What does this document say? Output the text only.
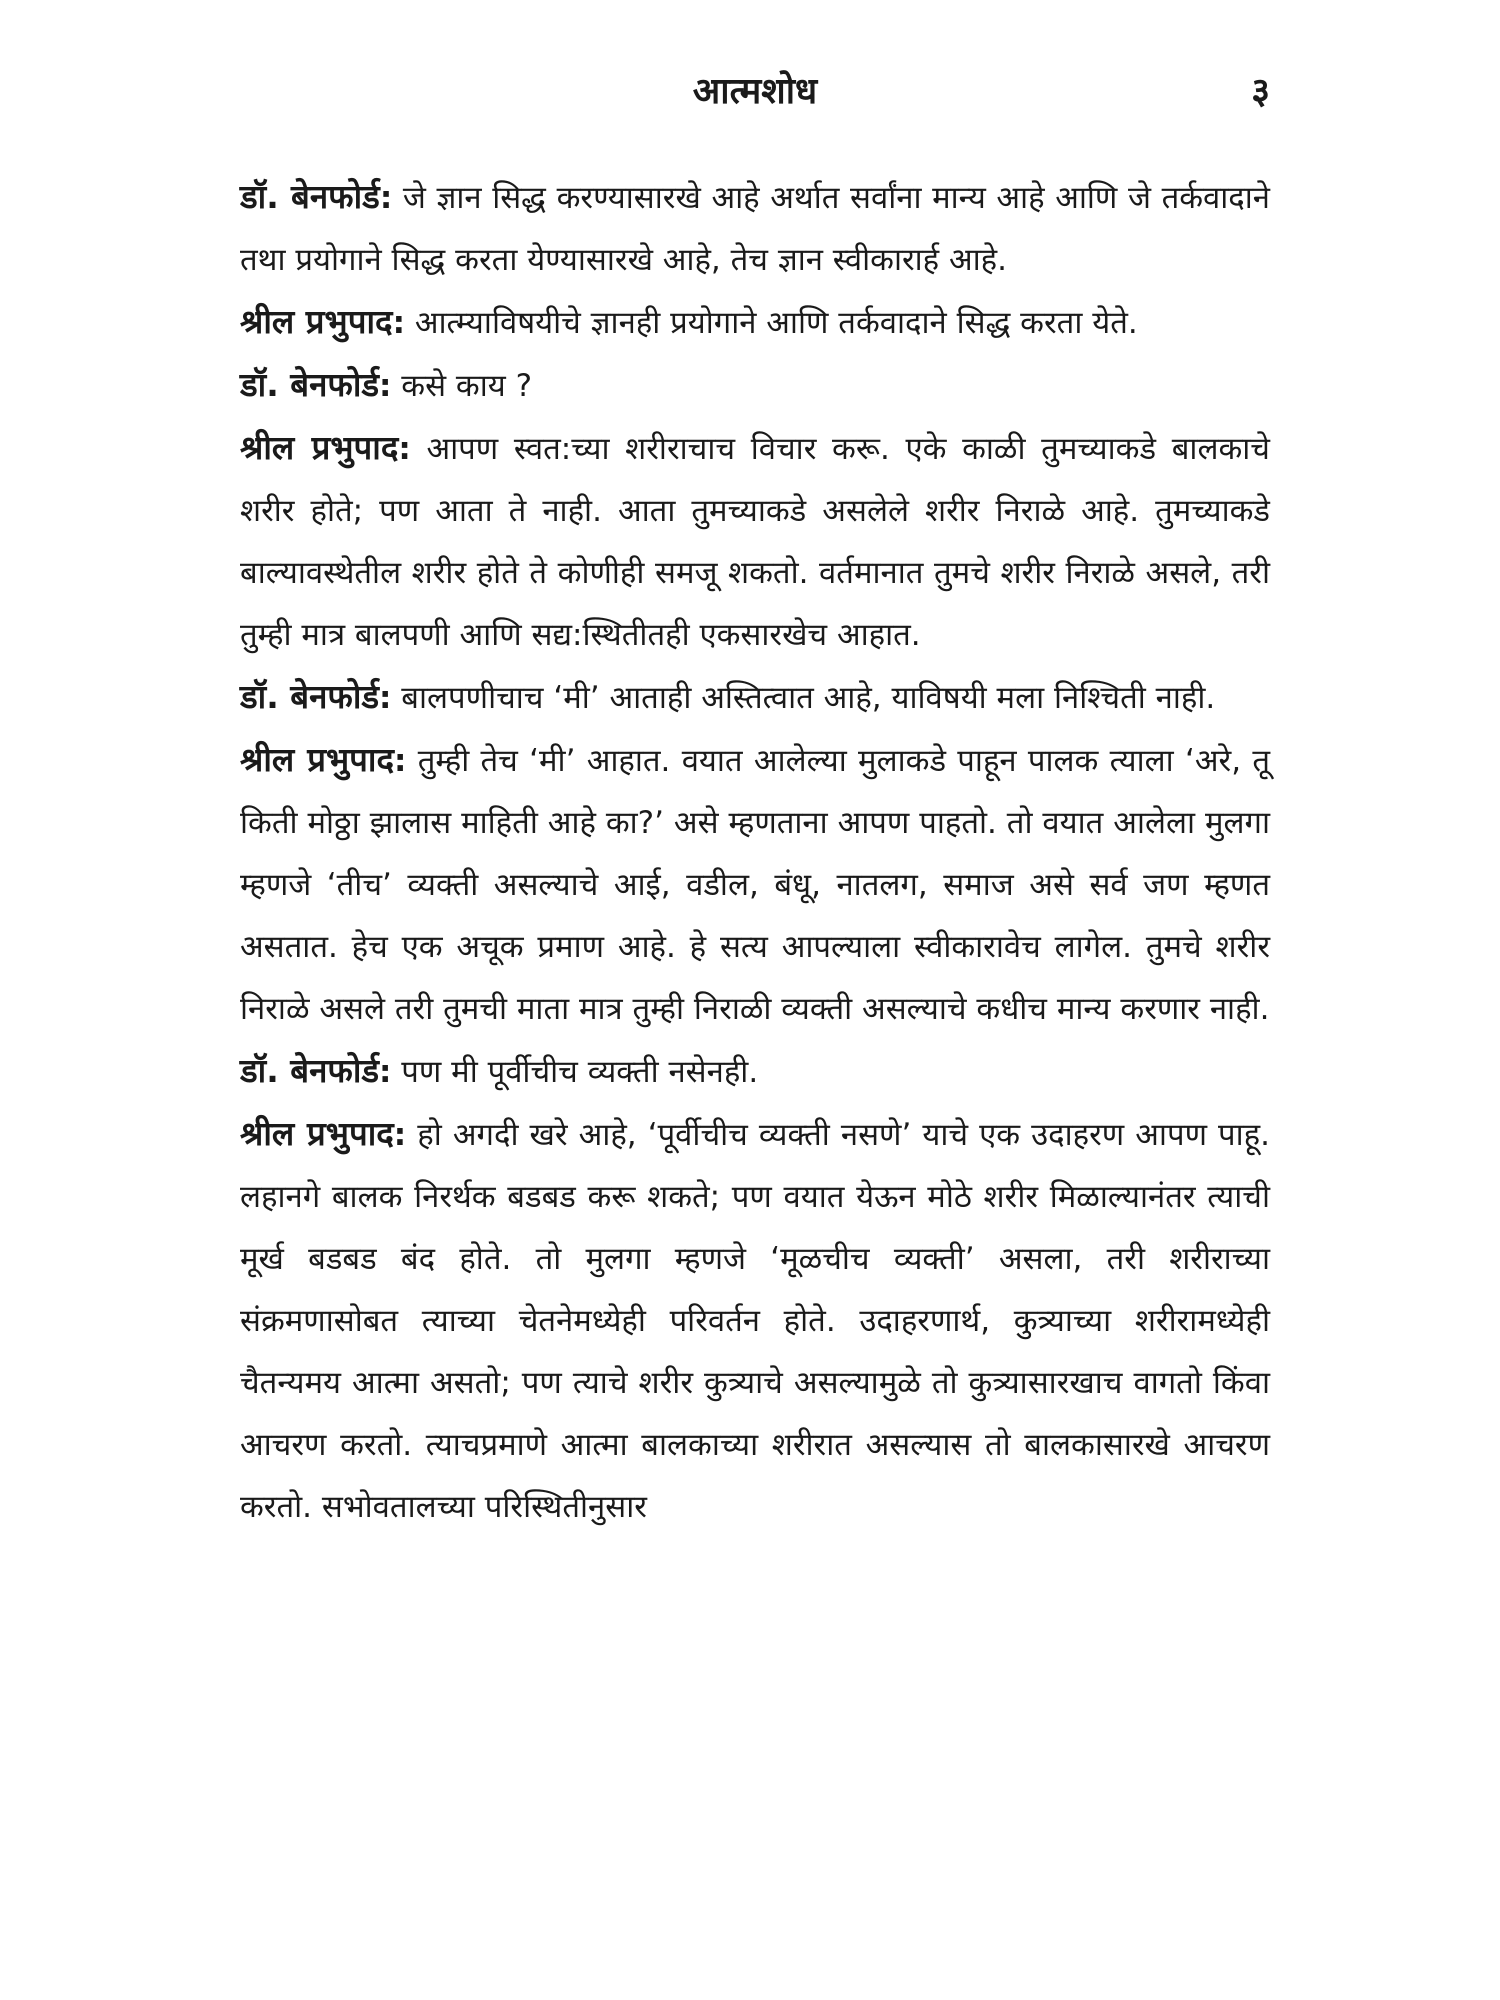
आत्मशोध	३

डॉ. बेनफोर्ड: जे ज्ञान सिद्ध करण्यासारखे आहे अर्थात सर्वांना मान्य आहे आणि जे तर्कवादाने तथा प्रयोगाने सिद्ध करता येण्यासारखे आहे, तेच ज्ञान स्वीकारार्ह आहे.

श्रील प्रभुपाद: आत्म्याविषयीचे ज्ञानही प्रयोगाने आणि तर्कवादाने सिद्ध करता येते.

डॉ. बेनफोर्ड: कसे काय ?

श्रील प्रभुपाद: आपण स्वत:च्या शरीराचाच विचार करू. एके काळी तुमच्याकडे बालकाचे शरीर होते; पण आता ते नाही. आता तुमच्याकडे असलेले शरीर निराळे आहे. तुमच्याकडे बाल्यावस्थेतील शरीर होते ते कोणीही समजू शकतो. वर्तमानात तुमचे शरीर निराळे असले, तरी तुम्ही मात्र बालपणी आणि सद्य:स्थितीतही एकसारखेच आहात.

डॉ. बेनफोर्ड: बालपणीचाच ‘मी’ आताही अस्तित्वात आहे, याविषयी मला निश्चिती नाही.

श्रील प्रभुपाद: तुम्ही तेच ‘मी’ आहात. वयात आलेल्या मुलाकडे पाहून पालक त्याला ‘अरे, तू किती मोठ्ठा झालास माहिती आहे का?’ असे म्हणताना आपण पाहतो. तो वयात आलेला मुलगा म्हणजे ‘तीच’ व्यक्ती असल्याचे आई, वडील, बंधू, नातलग, समाज असे सर्व जण म्हणत असतात. हेच एक अचूक प्रमाण आहे. हे सत्य आपल्याला स्वीकारावेच लागेल. तुमचे शरीर निराळे असले तरी तुमची माता मात्र तुम्ही निराळी व्यक्ती असल्याचे कधीच मान्य करणार नाही.

डॉ. बेनफोर्ड: पण मी पूर्वीचीच व्यक्ती नसेनही.

श्रील प्रभुपाद: हो अगदी खरे आहे, ‘पूर्वीचीच व्यक्ती नसणे’ याचे एक उदाहरण आपण पाहू. लहानगे बालक निरर्थक बडबड करू शकते; पण वयात येऊन मोठे शरीर मिळाल्यानंतर त्याची मूर्ख बडबड बंद होते. तो मुलगा म्हणजे ‘मूळचीच व्यक्ती’ असला, तरी शरीराच्या संक्रमणासोबत त्याच्या चेतनेमध्येही परिवर्तन होते. उदाहरणार्थ, कुत्र्याच्या शरीरामध्येही चैतन्यमय आत्मा असतो; पण त्याचे शरीर कुत्र्याचे असल्यामुळे तो कुत्र्यासारखाच वागतो किंवा आचरण करतो. त्याचप्रमाणे आत्मा बालकाच्या शरीरात असल्यास तो बालकासारखे आचरण करतो. सभोवतालच्या परिस्थितीनुसार
